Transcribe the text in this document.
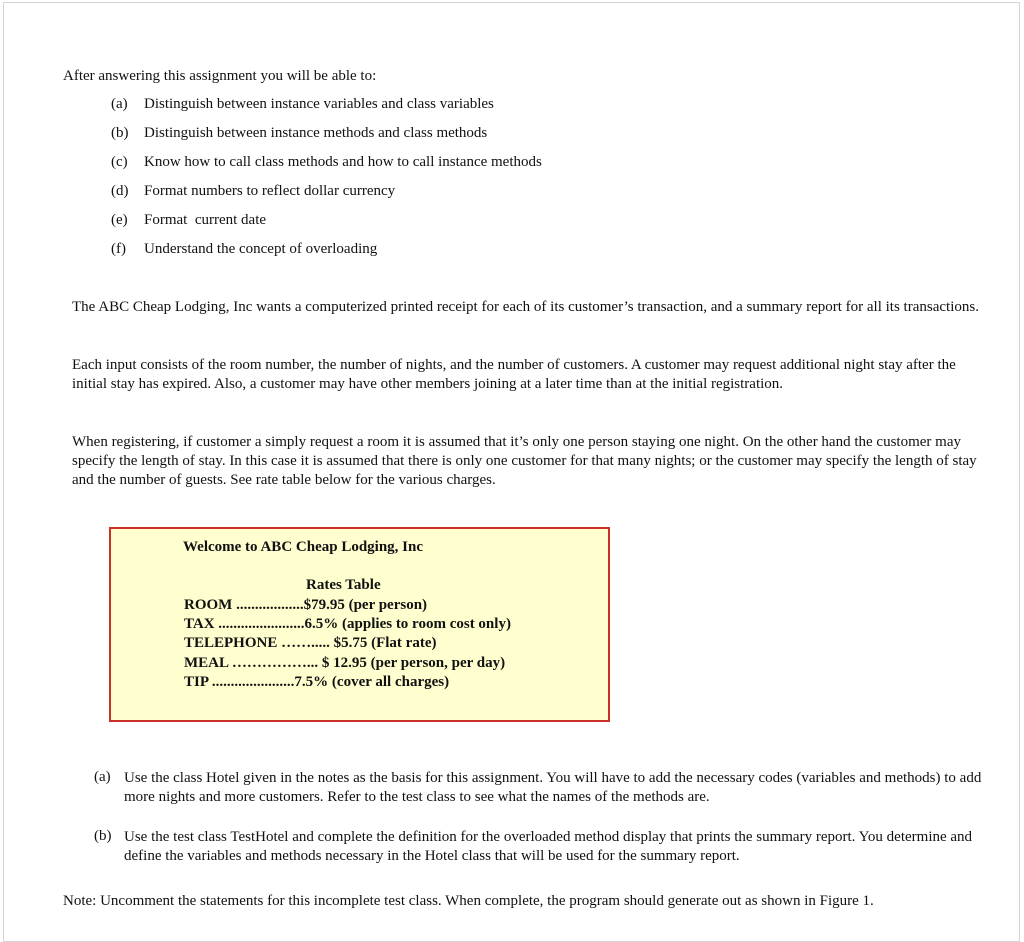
After answering this assignment you will be able to:
(a) Distinguish between instance variables and class variables
(b) Distinguish between instance methods and class methods
(c) Know how to call class methods and how to call instance methods
(d) Format numbers to reflect dollar currency
(e) Format  current date
(f) Understand the concept of overloading
The ABC Cheap Lodging, Inc wants a computerized printed receipt for each of its customer’s transaction, and a summary report for all its transactions.
Each input consists of the room number, the number of nights, and the number of customers. A customer may request additional night stay after the initial stay has expired. Also, a customer may have other members joining at a later time than at the initial registration.
When registering, if customer a simply request a room it is assumed that it’s only one person staying one night. On the other hand the customer may specify the length of stay. In this case it is assumed that there is only one customer for that many nights; or the customer may specify the length of stay and the number of guests. See rate table below for the various charges.
Welcome to ABC Cheap Lodging, Inc
Rates Table
ROOM ..................$79.95 (per person)
TAX .......................6.5% (applies to room cost only)
TELEPHONE ……..... $5.75 (Flat rate)
MEAL ……………... $ 12.95 (per person, per day)
TIP ......................7.5% (cover all charges)
(a) Use the class Hotel given in the notes as the basis for this assignment. You will have to add the necessary codes (variables and methods) to add more nights and more customers. Refer to the test class to see what the names of the methods are.
(b) Use the test class TestHotel and complete the definition for the overloaded method display that prints the summary report. You determine and define the variables and methods necessary in the Hotel class that will be used for the summary report.
Note: Uncomment the statements for this incomplete test class. When complete, the program should generate out as shown in Figure 1.
